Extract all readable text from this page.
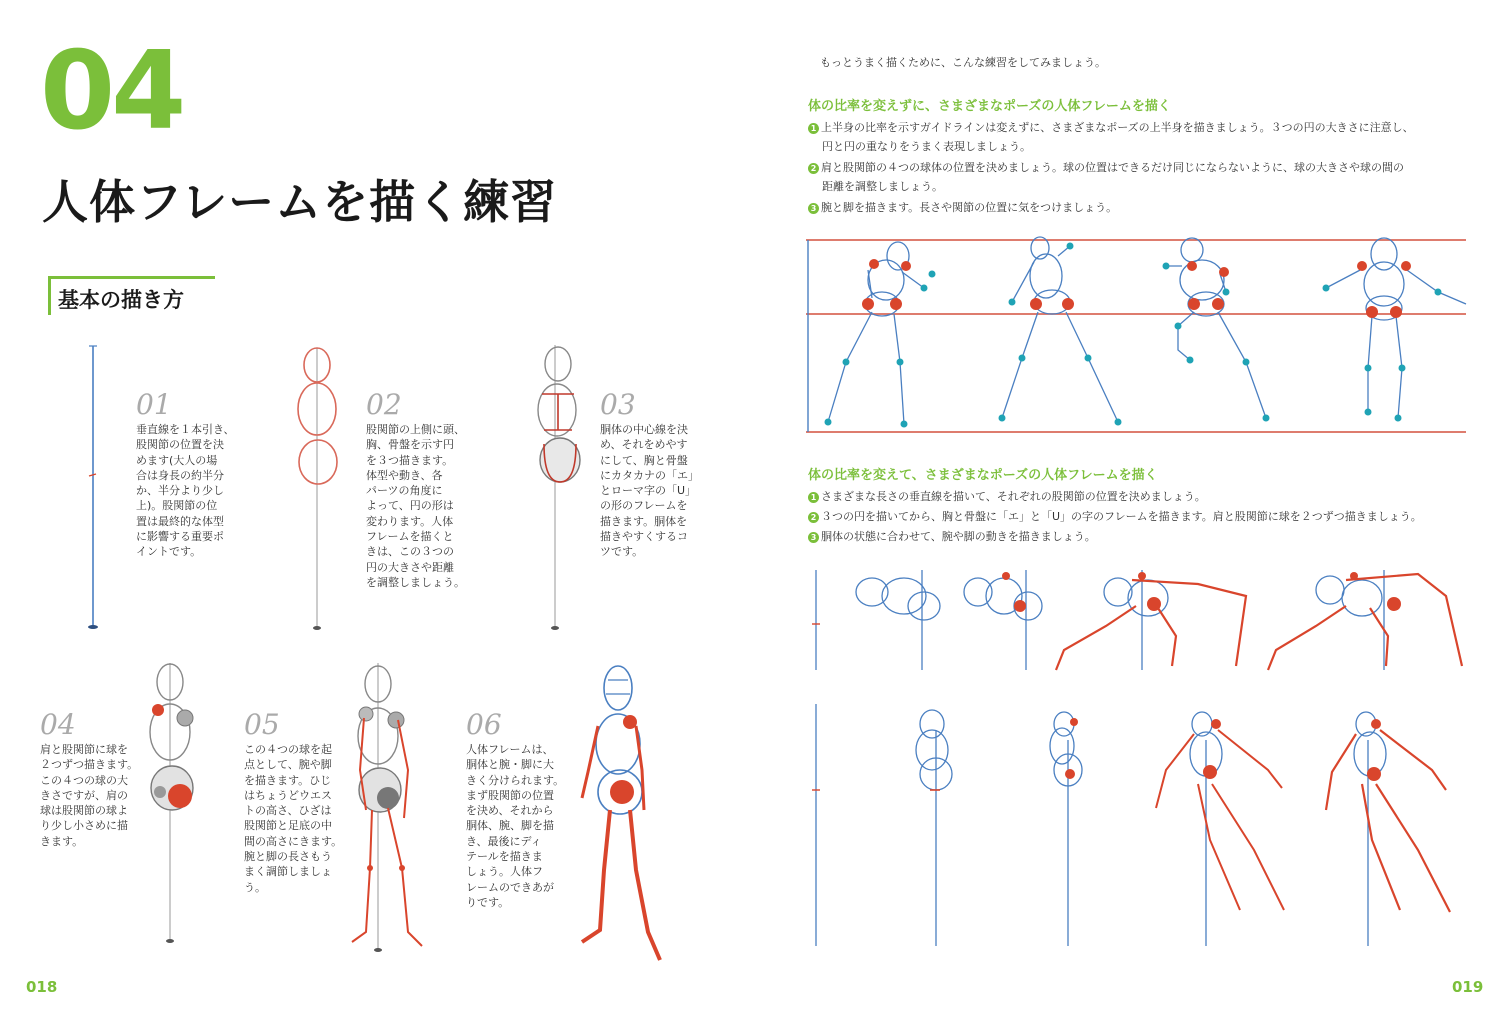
04
人体フレームを描く練習
基本の描き方
01
垂直線を１本引き、
股関節の位置を決
めます(大人の場
合は身長の約半分
か、半分より少し
上)。股関節の位
置は最終的な体型
に影響する重要ポ
イントです。
02
股関節の上側に頭、
胸、骨盤を示す円
を３つ描きます。
体型や動き、各
パーツの角度に
よって、円の形は
変わります。人体
フレームを描くと
きは、この３つの
円の大きさや距離
を調整しましょう。
03
胴体の中心線を決
め、それをめやす
にして、胸と骨盤
にカタカナの「エ」
とローマ字の「U」
の形のフレームを
描きます。胴体を
描きやすくするコ
ツです。
04
肩と股関節に球を
２つずつ描きます。
この４つの球の大
きさですが、肩の
球は股関節の球よ
り少し小さめに描
きます。
05
この４つの球を起
点として、腕や脚
を描きます。ひじ
はちょうどウエス
トの高さ、ひざは
股関節と足底の中
間の高さにきます。
腕と脚の長さもう
まく調節しましょ
う。
06
人体フレームは、
胴体と腕・脚に大
きく分けられます。
まず股関節の位置
を決め、それから
胴体、腕、脚を描
き、最後にディ
テールを描きま
しょう。人体フ
レームのできあが
りです。
018
もっとうまく描くために、こんな練習をしてみましょう。
体の比率を変えずに、さまざまなポーズの人体フレームを描く
1 上半身の比率を示すガイドラインは変えずに、さまざまなポーズの上半身を描きましょう。３つの円の大きさに注意し、
円と円の重なりをうまく表現しましょう。
2 肩と股関節の４つの球体の位置を決めましょう。球の位置はできるだけ同じにならないように、球の大きさや球の間の
距離を調整しましょう。
3 腕と脚を描きます。長さや関節の位置に気をつけましょう。
体の比率を変えて、さまざまなポーズの人体フレームを描く
1 さまざまな長さの垂直線を描いて、それぞれの股関節の位置を決めましょう。
2 ３つの円を描いてから、胸と骨盤に「エ」と「U」の字のフレームを描きます。肩と股関節に球を２つずつ描きましょう。
3 胴体の状態に合わせて、腕や脚の動きを描きましょう。
019
